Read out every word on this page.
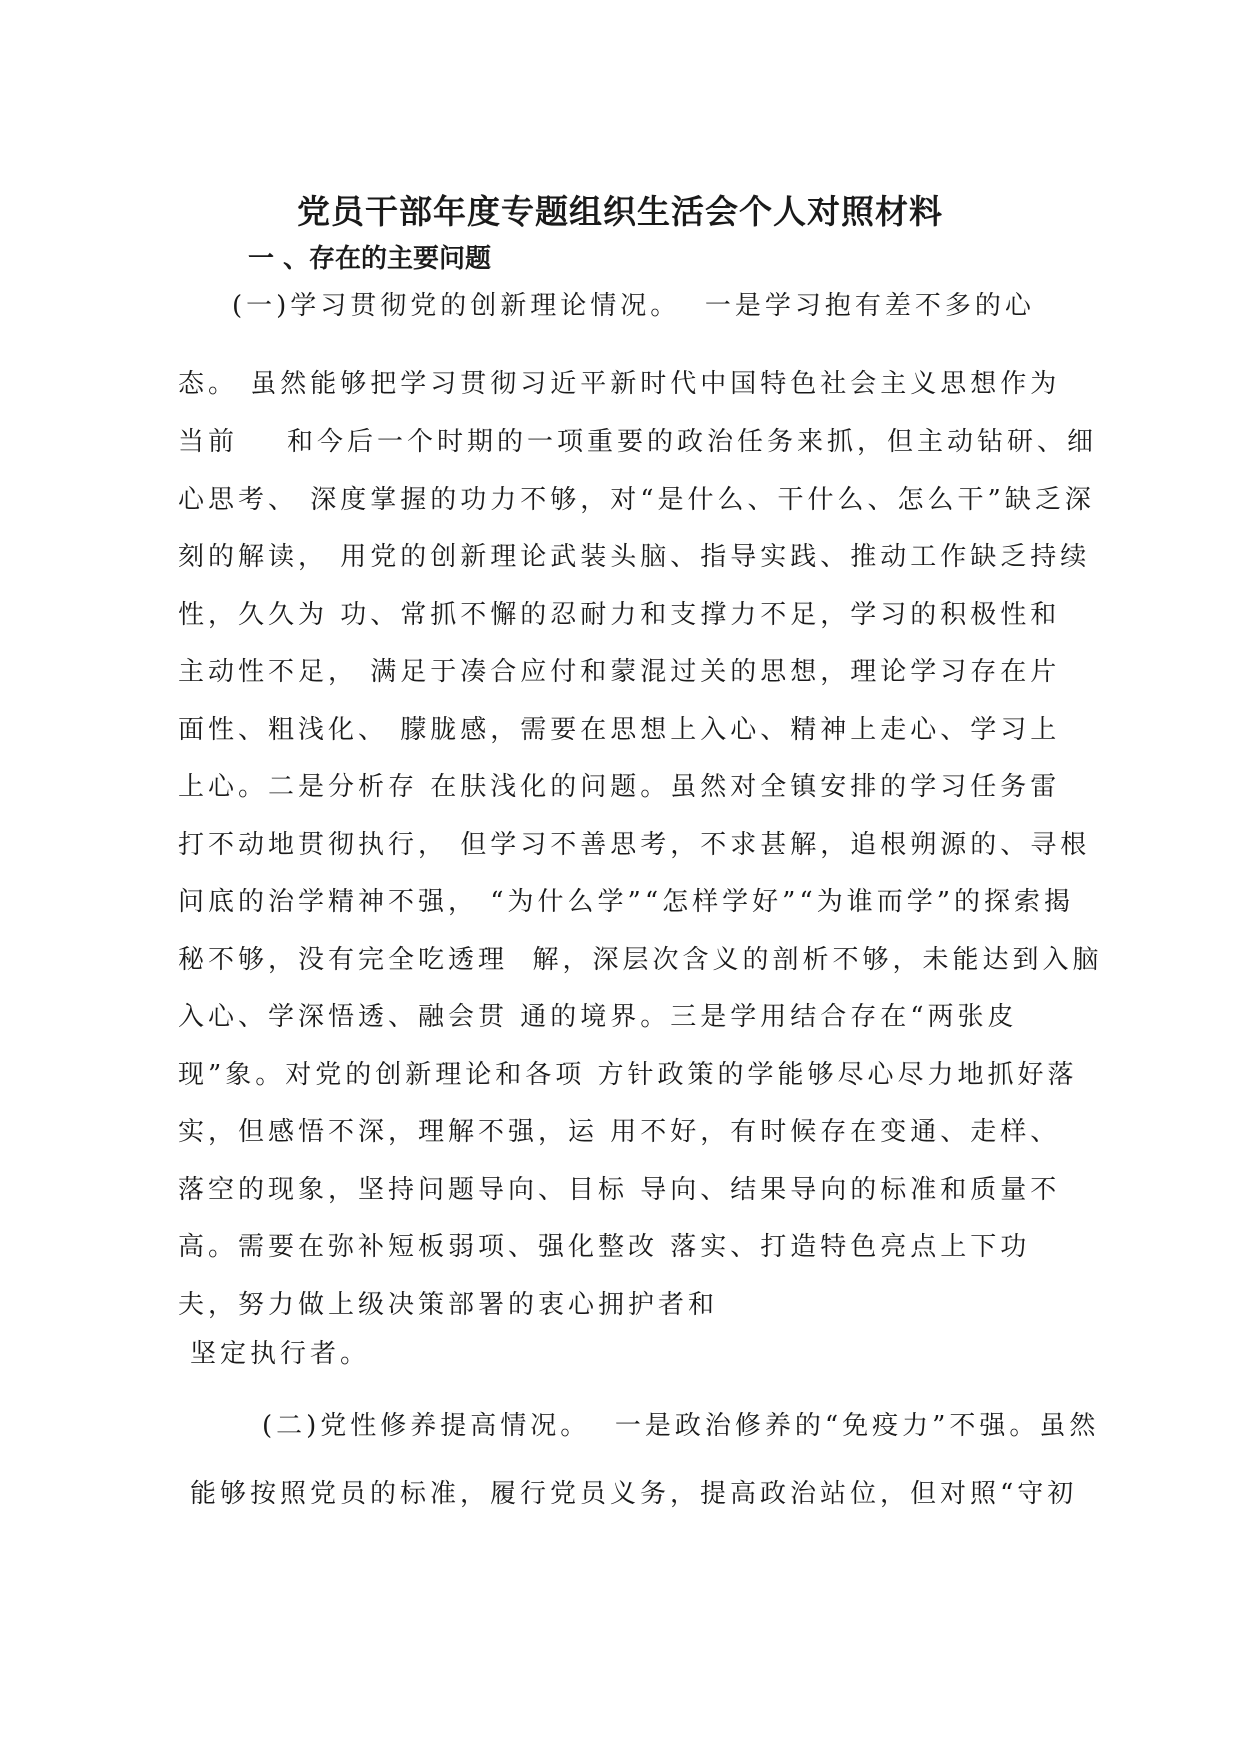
党员干部年度专题组织生活会个人对照材料
一 、存在的主要问题

(一)学习贯彻党的创新理论情况。  一是学习抱有差不多的心

态。 虽然能够把学习贯彻习近平新时代中国特色社会主义思想作为

当前    和今后一个时期的一项重要的政治任务来抓，但主动钻研、细

心思考、 深度掌握的功力不够，对“是什么、干什么、怎么干”缺乏深

刻的解读， 用党的创新理论武装头脑、指导实践、推动工作缺乏持续

性，久久为 功、常抓不懈的忍耐力和支撑力不足，学习的积极性和

主动性不足， 满足于凑合应付和蒙混过关的思想，理论学习存在片

面性、粗浅化、 朦胧感，需要在思想上入心、精神上走心、学习上

上心。二是分析存 在肤浅化的问题。虽然对全镇安排的学习任务雷

打不动地贯彻执行， 但学习不善思考，不求甚解，追根朔源的、寻根

问底的治学精神不强， “为什么学”“怎样学好”“为谁而学”的探索揭

秘不够，没有完全吃透理  解，深层次含义的剖析不够，未能达到入脑

入心、学深悟透、融会贯 通的境界。三是学用结合存在“两张皮

现”象。对党的创新理论和各项 方针政策的学能够尽心尽力地抓好落

实，但感悟不深，理解不强，运 用不好，有时候存在变通、走样、

落空的现象，坚持问题导向、目标 导向、结果导向的标准和质量不

高。需要在弥补短板弱项、强化整改 落实、打造特色亮点上下功

夫，努力做上级决策部署的衷心拥护者和

坚定执行者。

(二)党性修养提高情况。  一是政治修养的“免疫力”不强。虽然

能够按照党员的标准，履行党员义务，提高政治站位，但对照“守初
